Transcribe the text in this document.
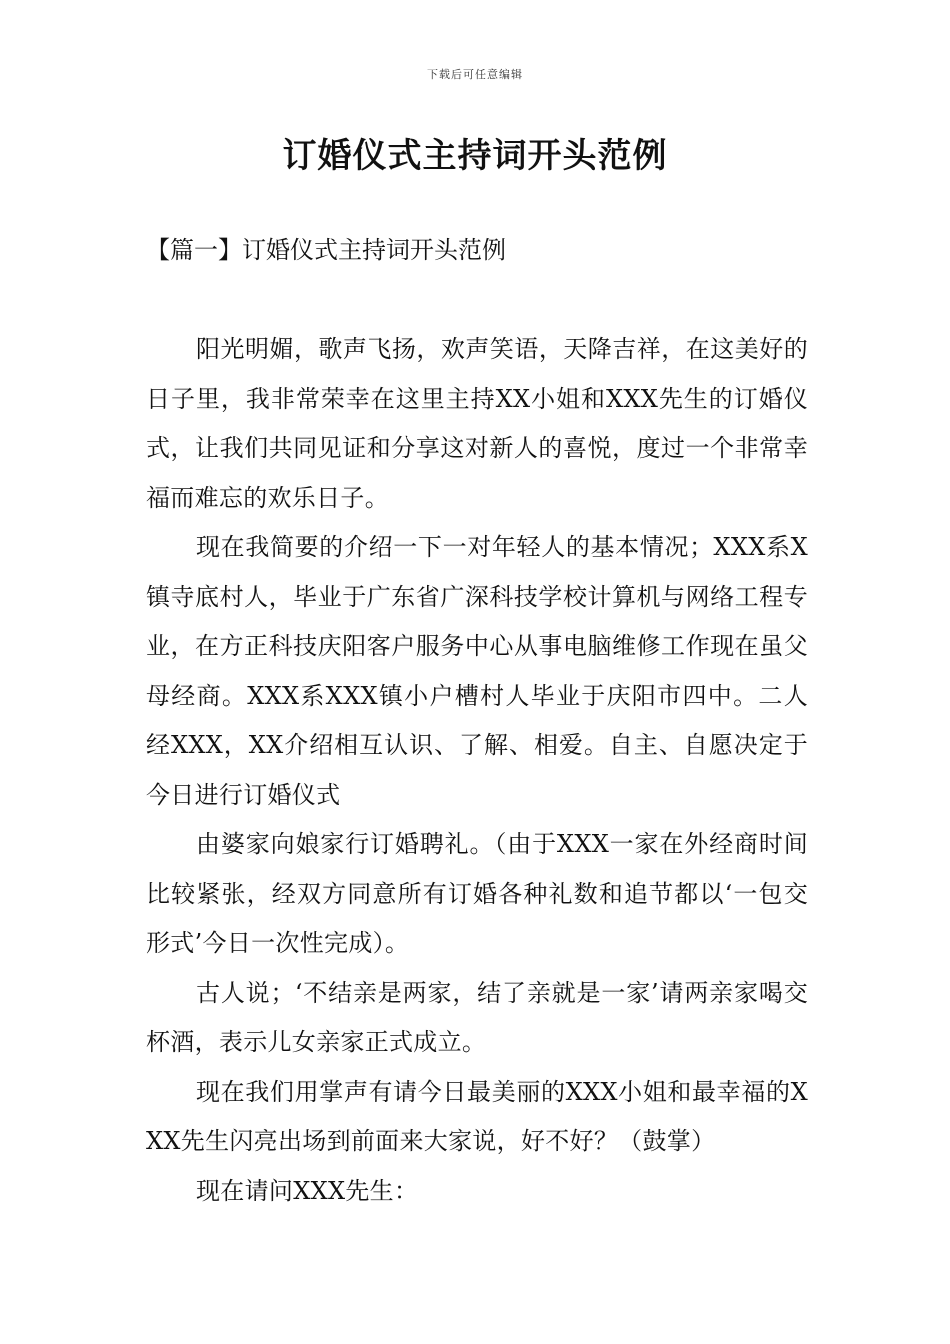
下载后可任意编辑
订婚仪式主持词开头范例
【篇一】订婚仪式主持词开头范例

阳光明媚，歌声飞扬，欢声笑语，天降吉祥，在这美好的日子里，我非常荣幸在这里主持XX小姐和XXX先生的订婚仪式，让我们共同见证和分享这对新人的喜悦，度过一个非常幸福而难忘的欢乐日子。

现在我简要的介绍一下一对年轻人的基本情况；XXX系X镇寺底村人，毕业于广东省广深科技学校计算机与网络工程专业，在方正科技庆阳客户服务中心从事电脑维修工作现在虽父母经商。XXX系XXX镇小户槽村人毕业于庆阳市四中。二人经XXX，XX介绍相互认识、了解、相爱。自主、自愿决定于今日进行订婚仪式

由婆家向娘家行订婚聘礼。（由于XXX一家在外经商时间比较紧张，经双方同意所有订婚各种礼数和追节都以‘一包交形式’今日一次性完成）。

古人说；‘不结亲是两家，结了亲就是一家’请两亲家喝交杯酒，表示儿女亲家正式成立。

现在我们用掌声有请今日最美丽的XXX小姐和最幸福的XXX先生闪亮出场到前面来大家说，好不好？（鼓掌）

现在请问XXX先生：
